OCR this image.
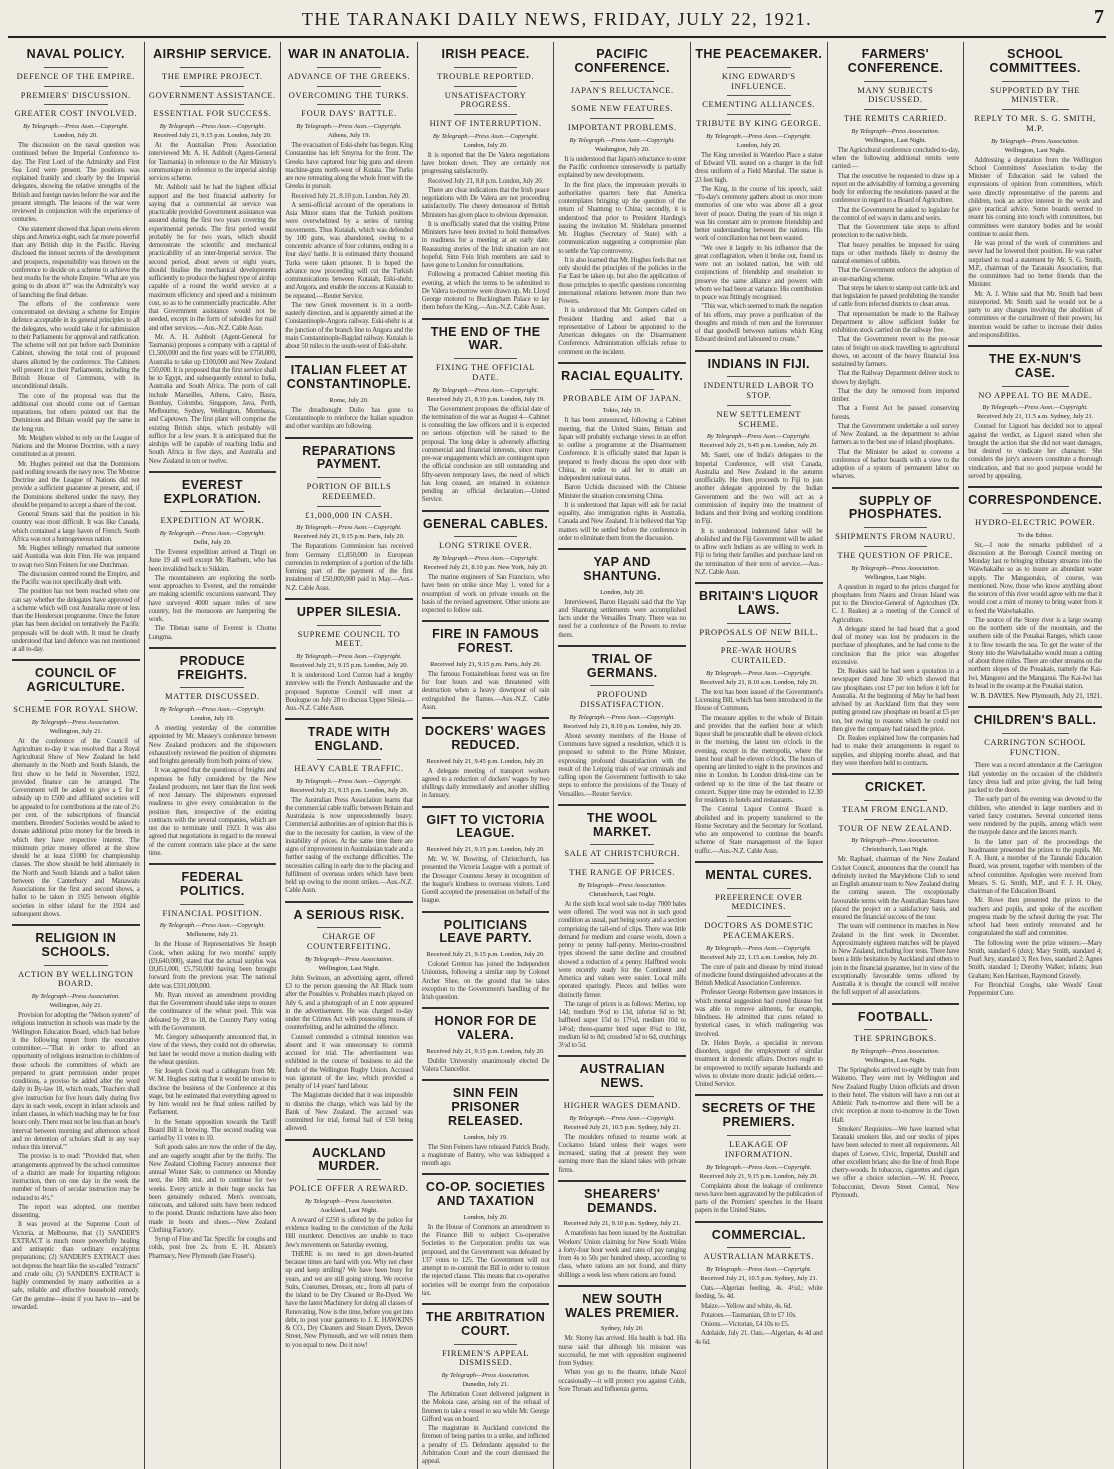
THE TARANAKI DAILY NEWS, FRIDAY, JULY 22, 1921.	7
NAVAL POLICY.
DEFENCE OF THE EMPIRE.
PREMIERS' DISCUSSION.
GREATER COST INVOLVED.
By Telegraph.—Press Assn.—Copyright.
London, July 20.

The discussion on the naval question was continued before the Imperial Conference to-day. The First Lord of the Admiralty and First Sea Lord were present. The positions was explained frankly and clearly by the Imperial delegates, showing the relative strengths of the British and foreign navies before the war and the present strength. The lessons of the war were reviewed in conjunction with the experience of centuries.

One statement showed that Japan owns eleven ships and America eight, each far more powerful than any British ship in the Pacific. Having disclosed the inmost secrets of the development and prospects, responsibility was thrown on the conference to decide on a scheme to achieve the best results for the whole Empire. "What are you going to do about it?" was the Admiralty's way of launching the final debate.

The efforts of the conference were concentrated on devising a scheme for Empire defence acceptable in its general principles to all the delegates, who would take it for submission to their Parliaments for approval and ratification. The scheme will not put before each Dominion Cabinet, showing the total cost of proposed shares allotted by the conference. The Cabinets will present it to their Parliaments, including the British House of Commons, with its unconditional details.

The core of the proposal was that the additional cost should come out of German reparations, but others pointed out that the Dominions and Britain would pay the same in the long run.

Mr. Meighen wished to rely on the League of Nations and the Monroe Doctrine, with a navy constituted as at present.

Mr. Hughes pointed out that the Dominions paid nothing towards the navy now. The Monroe Doctrine and the League of Nations did not provide a sufficient guarantee at present, and, if the Dominions sheltered under the navy, they should be prepared to accept a share of the cost.

General Smuts said that the position in his country was most difficult. It was like Canada, which contained a large haven of French. South Africa was not a homogeneous nation.

Mr. Hughes tellingly remarked that someone said Australia was doin Finn. He was prepared to swap two Sinn Feiners for one Dutchman.

The discussion centred round the Empire, and the Pacific was not specifically dealt with.

The position has not been reached when one can say whether the delegates have approved of a scheme which will cost Australia more or less than the Henderson programme. Once the future plan has been decided on tentatively the Pacific proposals will be dealt with. It must be clearly understood that land defence was not mentioned at all to-day.

COUNCIL OF AGRICULTURE.
SCHEME FOR ROYAL SHOW.
By Telegraph—Press Association.
Wellington, July 21.

At the conference of the Council of Agriculture to-day it was resolved that a Royal Agricultural Show of New Zealand be held alternately in the North and South Islands, the first show to be held in November, 1922, provided finance can be arranged. The Government will be asked to give a £ for £ subsidy up to £500 and affiliated societies will be appealed to for contributions at the rate of 2½ per cent. of the subscriptions of financial members. Breeders' Societies would be asked to donate additional prize money for the breeds in which they have respective interest. The minimum prize money offered at the show should be at least £1000 for championship classes. The show should be held alternately in the North and South Islands and a ballot taken between the Canterbury and Manawatu Associations for the first and second shows, a ballot to be taken in 1925 between eligible societies in either island for the 1924 and subsequent shows.

RELIGION IN SCHOOLS.
ACTION BY WELLINGTON BOARD.
By Telegraph—Press Association.
Wellington, July 21.

Provision for adopting the "Nelson system" of religious instruction in schools was made by the Wellington Education Board, which had before it the following report from the executive committee:—"That in order to afford an opportunity of religious instruction to children of those schools the committees of which are prepared to grant permission under proper conditions, a proviso be added after the word daily in By-law 18, which reads, 'Teachers shall give instruction for five hours daily during five days in each week, except in infant schools and infant classes, in which teaching may be for four hours only. There must not be less than an hour's interval between morning and afternoon school and no detention of scholars shall in any way reduce this interval.'"

The proviso is to read: "Provided that, when arrangements approved by the school committee of a district are made for imparting religious instruction, then on one day in the week the number of hours of secular instruction may be reduced to 4½."

The report was adopted, one member dissenting.

It was proved at the Supreme Court of Victoria, at Melbourne, that (1) SANDER'S EXTRACT is much more powerfully healing and antiseptic than ordinary eucalyptus preparations; (2) SANDER'S EXTRACT does not depress the heart like the so-called "extracts" and crude oils; (3) SANDER'S EXTRACT is highly commended by many authorities as a safe, reliable and effective household remedy. Get the genuine—insist if you have to—and be rewarded.

AIRSHIP SERVICE.
THE EMPIRE PROJECT.
GOVERNMENT ASSISTANCE.
ESSENTIAL FOR SUCCESS.
By Telegraph.—Press Assn.—Copyright.
Received July 21, 9.15 p.m. London, July 20.

At the Australian Press Association interviewed Mr. A. H. Ashbolt (Agent-General for Tasmania) in reference to the Air Ministry's communique in reference to the imperial airship services scheme.

Mr. Ashbolt said he had the highest official support and the best financial authority for saying that a commercial air service was practicable provided Government assistance was assured during the first two years covering the experimental periods. The first period would probably be for two years, which should demonstrate the scientific and mechanical practicability of an inter-Imperial service. The second period, about seven or eight years, should finalise the mechanical developments sufficiently to produce the highest type of airship capable of a round the world service at a maximum efficiency and speed and a minimum cost, so as to be commercially practicable. After that Government assistance would not be needed, except in the form of subsidies for mail and other services.—Aus.-N.Z. Cable Assn.

Mr. A. H. Ashbolt (Agent-General for Tasmania) proposes a company with a capital of £1,500,000 and the first years will be £750,000, Australia to take up £100,000 and New Zealand £50,000. It is proposed that the first service shall be to Egypt, and subsequently extend to India, Australia and South Africa. The ports of call include Marseilles, Athens, Cairo, Basra, Bombay, Colombo, Singapore, Java, Perth, Melbourne, Sydney, Wellington, Mombassa, and Capetown. The first plant will comprise the existing British ships, which probably will suffice for a few years. It is anticipated that the airships will be capable of reaching India and South Africa in five days, and Australia and New Zealand in ten or twelve.

EVEREST EXPLORATION.
EXPEDITION AT WORK.
By Telegraph.—Press Assn.—Copyright.
Delhi, July 20.

The Everest expedition arrived at Tingri on June 19 all well except Mr. Raeburn, who has been invalided back to Sikkim.

The mountaineers are exploring the north-west approaches to Everest, and the remainder are making scientific excursions eastward. They have surveyed 4000 square miles of new country, but the monsoons are hampering the work.

The Tibetan name of Everest is Chomo Lungma.

PRODUCE FREIGHTS.
MATTER DISCUSSED.
By Telegraph.—Press Assn.—Copyright.
London, July 19.

A meeting yesterday of the committee appointed by Mr. Massey's conference between New Zealand producers and the shipowners exhaustively reviewed the position of shipments and freights generally from both points of view.

It was agreed that the questions of freights and expenses be fully considered by the New Zealand producers, not later than the first week of next January. The shipowners expressed readiness to give every consideration to the position then, irrespective of the existing contracts with the several companies, which are not due to terminate until 1923. It was also agreed that negotiations in regard to the renewal of the current contracts take place at the same time.

FEDERAL POLITICS.
FINANCIAL POSITION.
By Telegraph.—Press Assn.—Copyright.
Melbourne, July 21.

In the House of Representatives Sir Joseph Cook, when asking for two months' supply (£9,640,000), stated that the actual surplus was £8,851,000, £5,750,000 having been brought forward from the previous year. The national debt was £331,000,000.

Mr. Ryan moved an amendment providing that the Government should take steps to ensure the continuance of the wheat pool. This was defeated by 29 to 18, the Country Party voting with the Government.

Mr. Gregory subsequently announced that, in view of the views, they could not do otherwise, but later he would move a motion dealing with the wheat question.

Sir Joseph Cook read a cablegram from Mr. W. M. Hughes stating that it would be unwise to disclose the business of the Conference at this stage, but he estimated that everything agreed to by him would not be final unless ratified by Parliament.

In the Senate opposition towards the Tariff Board Bill is brewing. The second reading was carried by 11 votes to 10.

Soft goods sales are now the order of the day, and are eagerly sought after by the thrifty. The New Zealand Clothing Factory announce their annual Winter Sale, to commence on Monday next, the 18th inst. and to continue for two weeks. Every article in their huge stocks has been genuinely reduced. Men's overcoats, raincoats, and tailored suits have been reduced to the pound. Drastic reductions have also been made in boots and shoes.—New Zealand Clothing Factory.

Syrup of Fine and Tar. Specific for coughs and colds, post free 2s. from E. H. Abram's Pharmacy, New Plymouth (late Fraser's).

WAR IN ANATOLIA.
ADVANCE OF THE GREEKS.
OVERCOMING THE TURKS.
FOUR DAYS' BATTLE.
By Telegraph.—Press Assn.—Copyright.
Athens, July 19.

The evacuation of Eski-shehr has begun. King Constantine has left Smyrna for the front. The Greeks have captured four big guns and eleven machine-guns north-west of Kutaia. The Turks are now retreating along the whole front with the Greeks in pursuit.

Received July 21, 8.10 p.m. London, July 20.

A semi-official account of the operations in Asia Minor states that the Turkish positions were overwhelmed by a series of turning movements. Thus Kutaiah, which was defended by 100 guns, was abandoned, owing to a concentric advance of four columns, ending in a four days' battle. It is estimated thirty thousand Turks were taken prisoner. It is hoped the advance now proceeding will cut the Turkish communications between Kutaiah, Eski-shehr, and Angora, and enable the success at Kutaiah to be repeated.—Reuter Service.

The new Greek movement is in a north-easterly direction, and is apparently aimed at the Constantinople-Angora railway. Eski-shehr is at the junction of the branch line to Angora and the main Constantinople-Bagdad railway. Kutaiah is about 50 miles to the south-west of Eski-shehr.

ITALIAN FLEET AT CONSTANTINOPLE.
Rome, July 20.

The dreadnought Dulio has gone to Constantinople to reinforce the Italian squadron and other warships are following.

REPARATIONS PAYMENT.
PORTION OF BILLS REDEEMED.
£1,000,000 IN CASH.
By Telegraph.—Press Assn.—Copyright.
Received July 21, 9.15 p.m. Paris, July 20.

The Reparations Commission has received from Germany £1,850,000 in European currencies in redemption of a portion of the bills forming part of the payment of the first instalment of £50,000,000 paid in May.—Aus.-N.Z. Cable Assn.

UPPER SILESIA.
SUPREME COUNCIL TO MEET.
By Telegraph.—Press Assn.—Copyright.
Received July 21, 9.15 p.m. London, July 20.

It is understood Lord Curzon had a lengthy interview with the French Ambassador and the proposed Supreme Council will meet at Boulogne on July 28 to discuss Upper Silesia.—Aus.-N.Z. Cable Assn.

TRADE WITH ENGLAND.
HEAVY CABLE TRAFFIC.
By Telegraph.—Press Assn.—Copyright.
Received July 21, 9.15 p.m. London, July 20.

The Australian Press Association learns that the commercial cable traffic between Britain and Australasia is now unprecedentedly heavy. Commercial authorities are of opinion that this is due to the necessity for caution, in view of the instability of prices. At the same time there are signs of improvement in Australasian trade and a further easing of the exchange difficulties. The necessities calling in early due to the placing and fulfilment of overseas orders which have been held up owing to the recent strikes.—Aus.-N.Z. Cable Assn.

A SERIOUS RISK.
CHARGE OF COUNTERFEITING.
By Telegraph—Press Association.
Wellington, Last Night.

John Swinson, an advertising agent, offered £3 to the person guessing the All Black team after the Possibles v. Probables match played on July 6, and a photograph of an £ note appeared in the advertisement. He was charged to-day under the Crimes Act with possessing means of counterfeiting, and he admitted the offence.

Counsel contended a criminal intention was absent and it was unnecessary to commit accused for trial. The advertisement was exhibited in the course of business to aid the funds of the Wellington Rugby Union. Accused was ignorant of the law, which provided a penalty of 14 years' hard labour.

The Magistrate decided that it was impossible to dismiss the charge, which was laid by the Bank of New Zealand. The accused was committed for trial, formal bail of £50 being allowed.

AUCKLAND MURDER.
POLICE OFFER A REWARD.
By Telegraph—Press Association.
Auckland, Last Night.

A reward of £250 is offered by the police for evidence leading to the conviction of the Ariki Hill murderer. Detectives are unable to trace Jew's movements on Saturday evening.

THERE is no need to get down-hearted because times are hard with you. Why not cheer up and keep smiling? We have been busy for years, and we are still going strong. We receive Suits, Costumes, Dresses, etc., from all parts of the island to be Dry Cleaned or Re-Dyed. We have the latest Machinery for doing all classes of Renovating. Now is the time, before you get into debt, to post your garments to J. E. HAWKINS & CO., Dry Cleaners and Steam Dyers, Devon Street, New Plymouth, and we will return them to you equal to new. Do it now!

IRISH PEACE.
TROUBLE REPORTED.
UNSATISFACTORY PROGRESS.
HINT OF INTERRUPTION.
By Telegraph.—Press Assn.—Copyright.
London, July 20.

It is reported that the De Valera negotiations have broken down. They are certainly not progressing satisfactorily.

Received July 21, 8.8 p.m. London, July 20.

There are clear indications that the Irish peace negotiations with De Valera are not proceeding satisfactorily. The cheery demeanour of British Ministers has given place to obvious depression.

It is unofficially stated that the visiting Prime Ministers have been invited to hold themselves in readiness for a meeting at an early date. Reassuring stories of the Irish situation are not hopeful. Sinn Fein Irish members are said to have gone to London for consultations.

Following a protracted Cabinet meeting this evening, at which the terms to be submitted to De Valera to-morrow were drawn up, Mr. Lloyd George motored to Buckingham Palace to lay them before the King.—Aus.-N.Z. Cable Assn.

THE END OF THE WAR.
FIXING THE OFFICIAL DATE.
By Telegraph.—Press Assn.—Copyright.
Received July 21, 8.10 p.m. London, July 19.

The Government proposes the official date of the termination of the war as August 4—Cabinet is consulting the law officers and it is expected no serious objection will be raised to the proposal. The long delay is adversely affecting commercial and financial interests, since many pre-war engagements which are contingent upon the official conclusion are still outstanding and fifty-seven temporary laws, the need of which has long ceased, are retained in existence pending an official declaration.—United Service.

GENERAL CABLES.
LONG STRIKE OVER.
By Telegraph.—Press Assn.—Copyright.
Received July 21, 8.10 p.m. New York, July 20.

The marine engineers of San Francisco, who have been on strike since May 1, voted for a resumption of work on private vessels on the basis of the revised agreement. Other unions are expected to follow suit.

FIRE IN FAMOUS FOREST.
Received July 21, 9.15 p.m. Paris, July 20.

The famous Fontainebleau forest was on fire for four hours and was threatened with destruction when a heavy downpour of rain extinguished the flames.—Aus.-N.Z. Cable Assn.

DOCKERS' WAGES REDUCED.
Received July 21, 9.45 p.m. London, July 20.

A delegate meeting of transport workers agreed to a reduction of dockers' wages by two shillings daily immediately and another shilling in January.

GIFT TO VICTORIA LEAGUE.
Received July 21, 9.15 p.m. London, July 20.

Mr. W. W. Bowring, of Christchurch, has presented the Victoria League with a portrait of the Dowager Countess Jersey in recognition of the league's kindness to overseas visitors. Lord Gorell accepted the presentation on behalf of the league.

POLITICIANS LEAVE PARTY.
Received July 21, 9.15 p.m. London, July 20.

Colonel Gretton has joined the Independent Unionists, following a similar step by Colonel Archer Shee, on the ground that he takes exception to the Government's handling of the Irish question.

HONOR FOR DE VALERA.
Received July 21, 9.15 p.m. London, July 20.

Dublin University unanimously elected De Valera Chancellor.

SINN FEIN PRISONER RELEASED.
London, July 19.

The Sinn Feiners have released Patrick Brady, a magistrate of Bantry, who was kidnapped a month ago.

CO-OP. SOCIETIES AND TAXATION
London, July 20.

In the House of Commons an amendment to the Finance Bill to subject Co-operative Societies to the Corporation profits tax was proposed, and the Government was defeated by 137 votes to 125. The Government will not attempt to re-commit the Bill in order to restore the rejected clause. This means that co-operative societies will be exempt from the corporation tax.

THE ARBITRATION COURT.
FIREMEN'S APPEAL DISMISSED.
By Telegraph—Press Association.
Dunedin, July 21.

The Arbitration Court delivered judgment in the Mokoia case, arising out of the refusal of firemen to take a vessel to sea while Mr. George Gifford was on board.

The magistrate in Auckland convicted the firemen of being parties to a strike, and inflicted a penalty of £5. Defendants appealed to the Arbitration Court and the court dismissed the appeal.

PACIFIC CONFERENCE.
JAPAN'S RELUCTANCE.
SOME NEW FEATURES.
IMPORTANT PROBLEMS.
By Telegraph.—Press Assn.—Copyright.
Washington, July 20.

It is understood that Japan's reluctance to enter the Pacific conference unreservedly is partially explained by new developments.

In the first place, the impression prevails in authoritative quarters here that America contemplates bringing up the question of the return of Shantung to China; secondly, it is understood that prior to President Harding's issuing the invitation M. Shidehara presented Mr. Hughes (Secretary of State) with a communication suggesting a compromise plan to settle the Yap controversy.

It is also learned that Mr. Hughes feels that not only should the principles of the policies in the Far East be taken up, but also the application of those principles to specific questions concerning international relations between more than two Powers.

It is understood that Mr. Gompers called on President Harding and asked that a representative of Labour be appointed to the American delegates on the Disarmament Conference. Administration officials refuse to comment on the incident.

RACIAL EQUALITY.
PROBABLE AIM OF JAPAN.
Tokio, July 19.

It has been announced, following a Cabinet meeting, that the United States, Britain and Japan will probably exchange views in an effort to outline a programme at the Disarmament Conference. It is officially stated that Japan is prepared to freely discuss the open door with China, in order to aid her to attain an independent national status.

Baron Uchida discussed with the Chinese Minister the situation concerning China.

It is understood that Japan will ask for racial equality, also immigration rights in Australia, Canada and New Zealand. It is believed that Yap matters will be settled before the conference in order to eliminate them from the discussion.

YAP AND SHANTUNG.
London, July 20.

Interviewed, Baron Hayashi said that the Yap and Shantung settlements were accomplished facts under the Versailles Treaty. There was no need for a conference of the Powers to revise them.

TRIAL OF GERMANS.
PROFOUND DISSATISFACTION.
By Telegraph.—Press Assn.—Copyright.
Received July 21, 8.10 p.m. London, July 20.

About seventy members of the House of Commons have signed a resolution, which it is proposed to submit to the Prime Minister, expressing profound dissatisfaction with the result of the Leipzig trials of war criminals and calling upon the Government forthwith to take steps to enforce the provisions of the Treaty of Versailles.—Reuter Service.

THE WOOL MARKET.
SALE AT CHRISTCHURCH.
THE RANGE OF PRICES.
By Telegraph—Press Association.
Christchurch, Last Night.

At the sixth local wool sale to-day 7000 bales were offered. The wool was not in such good condition as usual, part being sooty and a section comprising the tail-end of clips. There was little demand for medium and coarse wools, down a penny to penny half-penny. Merino-crossbred types showed the same decline and crossbred showed a reduction of a penny. Halfbred wools were recently ready for the Continent and America and values were easier. Local mills operated sparingly. Pieces and bellies were distinctly firmer.

The range of prices is as follows: Merino, top 14d; medium 9½d to 13d, inferior 6d to 9d; halfbred super 15d to 17½d, medium 10d to 14½d; three-quarter bred super 8¾d to 10d, medium 6d to 8d; crossbred 5d to 6d, crutchings 3½d to 5d.

AUSTRALIAN NEWS.
HIGHER WAGES DEMAND.
By Telegraph.—Press Assn.—Copyright.
Received July 21, 10.5 p.m. Sydney, July 21.

The moulders refused to resume work at Cockatoo Island unless their wages were increased, stating that at present they were earning more than the island takes with private firms.

SHEARERS' DEMANDS.
Received July 21, 9.10 p.m. Sydney, July 21.

A manifesto has been issued by the Australian Workers' Union claiming for New South Wales a forty-four hour week and rates of pay ranging from 4s to 50s per hundred sheep, according to class, where rations are not found, and thirty shillings a week less where rations are found.

NEW SOUTH WALES PREMIER.
Sydney, July 20.

Mr. Storey has arrived. His health is bad. His nurse said that although his mission was successful, he met with opposition engineered from Sydney.

When you go to the theatre, inhale Nazol occasionally—it will protect you against Colds, Sore Throats and Influenza germs.

THE PEACEMAKER.
KING EDWARD'S INFLUENCE.
CEMENTING ALLIANCES.
TRIBUTE BY KING GEORGE.
By Telegraph.—Press Assn.—Copyright.
London, July 20.

The King unveiled in Waterloo Place a statue of Edward VII. seated on a charger in the full dress uniform of a Field Marshal. The statue is 23 feet high.

The King, in the course of his speech, said: "To-day's ceremony gathers about us once more memories of one who was above all a great lover of peace. During the years of his reign it was his constant aim to promote friendship and better understanding between the nations. His work of conciliation has not been wasted.

"We owe it largely to his influence that the great conflagration, when it broke out, found us were not an isolated nation, but with old conjunctions of friendship and resolution to preserve the same alliance and powers with whom we had been at variance. His contribution to peace was fittingly recognised.

"This war, which seemed to mark the negation of his efforts, may prove a purification of the thoughts and minds of men and the forerunner of that goodwill between nations which King Edward desired and laboured to create."

INDIANS IN FIJI.
INDENTURED LABOR TO STOP.
NEW SETTLEMENT SCHEME.
By Telegraph—Press Assn.—Copyright.
Received July 21, 9.45 p.m. London, July 20.

Mr. Sastri, one of India's delegates to the Imperial Conference, will visit Canada, Australia and New Zealand in the autumn unofficially. He then proceeds to Fiji to join another delegate appointed by the Indian Government and the two will act as a commission of inquiry into the treatment of Indians and their living and working conditions in Fiji.

It is understood indentured labor will be abolished and the Fiji Government will be asked to allow such Indians as are willing to work in Fiji to bring their families and purchase land on the termination of their term of service.—Aus.-N.Z. Cable Assn.

BRITAIN'S LIQUOR LAWS.
PROPOSALS OF NEW BILL.
PRE-WAR HOURS CURTAILED.
By Telegraph.—Press Assn.—Copyright.
Received July 21, 8.10 a.m. London, July 20.

The text has been issued of the Government's Licensing Bill, which has been introduced in the House of Commons.

The measure applies to the whole of Britain and provides that the earliest hour at which liquor shall be procurable shall be eleven o'clock in the morning, the latest ten o'clock in the evening, except in the metropolis, where the latest hour shall be eleven o'clock. The hours of opening are limited to eight in the provinces and nine in London. In London drink-time can be ordered up to the time of the last theatre or concert. Supper time may be extended to 12.30 for residents in hotels and restaurants.

The Central Liquor Control Board is abolished and its property transferred to the Home Secretary and the Secretary for Scotland, who are empowered to continue the board's scheme of State management of the liquor traffic.—Aus.-N.Z. Cable Assn.

MENTAL CURES.
PREFERENCE OVER MEDICINES.
DOCTORS AS DOMESTIC PEACEMAKERS.
By Telegraph.—Press Assn.—Copyright.
Received July 22, 1.15 a.m. London, July 20.

The cure of pain and disease by mind instead of medicine found distinguished advocates at the British Medical Association Conference.

Professor George Robertson gave instances in which mental suggestion had cured disease but was able to remove ailments, for example, blindness. He admitted that cures related to hysterical cases, in which malingering was involved.

Dr. Helen Boyle, a specialist in nervous disorders, urged the employment of similar treatment in domestic affairs. Doctors ought to be empowered to rectify separate husbands and wives to obviate more drastic judicial orders.—United Service.

SECRETS OF THE PREMIERS.
LEAKAGE OF INFORMATION.
By Telegraph.—Press Assn.—Copyright.
Received July 21, 9.15 p.m. London, July 20.

Complaints about the leakage of conference news have been aggravated by the publication of parts of the Premiers' speeches in the Hearst papers in the United States.

COMMERCIAL.
AUSTRALIAN MARKETS.
By Telegraph.—Press Assn.—Copyright.
Received July 21, 10.5 p.m. Sydney, July 21.

Oats.—Algerian feeding, 4s. 4½d.; white feeding, 5s. 4d.

Maize.—Yellow and white, 4s. 6d.

Potatoes.—Tasmanian, £8 to £7 10s.

Onions.—Victorian, £4 10s to £5.

Adelaide, July 21. Oats.—Algerian, 4s 4d and 4s 6d.

FARMERS' CONFERENCE.
MANY SUBJECTS DISCUSSED.
THE REMITS CARRIED.
By Telegraph—Press Association.
Wellington, Last Night.

The Agricultural conference concluded to-day, when the following additional remits were carried:—

That the executive be requested to draw up a report on the advisability of forming a governing body for enforcing the resolutions passed at the conference in regard to a Board of Agriculture.

That the Government be asked to legislate for the control of eel ways in dams and weirs.

That the Government take steps to afford protection to the native birds.

That heavy penalties be imposed for using traps or other methods likely to destroy the natural enemies of rabbits.

That the Government enforce the adoption of an ear-marking scheme.

That steps be taken to stamp out cattle tick and that legislation be passed prohibiting the transfer of cattle from infected districts to clean areas.

That representation be made to the Railway Department to allow sufficient fodder for exhibition stock carried on the railway free.

That the Government revert to the pre-war rates of freight on stock travelling to agricultural shows, on account of the heavy financial loss sustained by farmers.

That the Railway Department deliver stock to shows by daylight.

That the duty be removed from imported timber.

That a Forest Act be passed conserving forests.

That the Government undertake a soil survey of New Zealand, as the department to advise farmers as to the best use of inland phosphates.

That the Minister be asked to convene a conference of harbor boards with a view to the adoption of a system of permanent labor on wharves.

SUPPLY OF PHOSPHATES.
SHIPMENTS FROM NAURU.
THE QUESTION OF PRICE.
By Telegraph—Press Association.
Wellington, Last Night.

A question in regard to the prices charged for phosphates from Nauru and Ocean Island was put to the Director-General of Agriculture (Dr. C. J. Reakes) at a meeting of the Council of Agriculture.

A delegate stated he had heard that a good deal of money was lost by producers in the purchase of phosphates, and he had come to the conclusion that the price was altogether excessive.

Dr. Reakes said he had seen a quotation in a newspaper dated June 30 which showed that raw phosphates cost £7 per ton before it left for Australia. At the beginning of May he had been advised by an Auckland firm that they were putting ground raw phosphate on board at £5 per ton, but owing to reasons which he could not then give the company had raised the price.

Dr. Reakes explained how the companies had had to make their arrangements in regard to supplies, and shipping months ahead, and that they were therefore held to contracts.

CRICKET.
TEAM FROM ENGLAND.
TOUR OF NEW ZEALAND.
By Telegraph—Press Association.
Christchurch, Last Night.

Mr. Raphael, chairman of the New Zealand Cricket Council, announces that the council has definitely invited the Marylebone Club to send an English amateur team to New Zealand during the coming season. The exceptionally favourable terms with the Australian States have placed the project on a satisfactory basis, and ensured the financial success of the tour.

The team will commence its matches in New Zealand in the first week in December. Approximately eighteen matches will be played in New Zealand, including four tests. There have been a little hesitation by Auckland and others to join in the financial guarantee, but in view of the exceptionally favourable terms offered by Australia it is thought the council will receive the full support of all associations.

FOOTBALL.
THE SPRINGBOKS.
By Telegraph—Press Association.
Wellington, Last Night.

The Springboks arrived to-night by train from Waitomo. They were met by Wellington and New Zealand Rugby Union officials and driven to their hotel. The visitors will have a run out at Athletic Park to-morrow and there will be a civic reception at noon to-morrow in the Town Hall.

Smokers' Requisites—We have learned what Taranaki smokers like, and our stocks of pipes have been selected to meet all requirements. All shapes of Loewe, Civic, Imperial, Dunhill and other excellent briars; also the line of fresh Rope cherry-woods. In tobaccos, cigarettes and cigars we offer a choice selection.—W. H. Preece, Tobacconist, Devon Street Central, New Plymouth.

SCHOOL COMMITTEES.
SUPPORTED BY THE MINISTER.
REPLY TO MR. S. G. SMITH, M.P.
By Telegraph—Press Association.
Wellington, Last Night.

Addressing a deputation from the Wellington School Committees' Association to-day the Minister of Education said he valued the expressions of opinion from committees, which were directly representative of the parents and children, took an active interest in the work and gave practical advice. Some boards seemed to resent his coming into touch with committees, but committees were statutory bodies and he would continue to assist them.

He was proud of the work of committees and never had he lowered their position. He was rather surprised to read a statement by Mr. S. G. Smith, M.P., chairman of the Taranaki Association, that the committees had no better friends than the Minister.

Mr. A. J. White said that Mr. Smith had been misreported. Mr. Smith said he would not be a party to any changes involving the abolition of committees or the curtailment of their powers; his intention would be rather to increase their duties and responsibilities.

THE EX-NUN'S CASE.
NO APPEAL TO BE MADE.
By Telegraph.—Press Assn.—Copyright.
Received July 21, 11.5 a.m. Sydney, July 21.

Counsel for Liguori has decided not to appeal against the verdict, as Liguori stated when she brought the action that she did not want damages, but desired to vindicate her character. She considers the jury's answers constitute a thorough vindication, and that no good purpose would be served by appealing.

CORRESPONDENCE.
HYDRO-ELECTRIC POWER.
To the Editor.

Sir,—I note the remarks published of a discussion at the Borough Council meeting on Monday last re bringing tributary streams into the Waiwhakaiho so as to insure an abundant water supply. The Mangaotuku, of course, was mentioned. Now, those who know anything about the sources of this river would agree with me that it would cost a mint of money to bring water from it to feed the Waiwhakaiho.

The source of the Stony river is a large swamp on the northern side of the mountain, and the southern side of the Pouakai Ranges, which cause it to flow towards the sea. To get the water of the Stony into the Waiwhakaiho would mean a cutting of about three miles. There are other streams on the northern slopes of the Pouakais, namely the Kai-Iwi, Mangorei and the Manganui. The Kai-Iwi has its head in the swamp at the Pouakai station.

W. B. DAVIES. New Plymouth, July 21, 1921.
CHILDREN'S BALL.
CARRINGTON SCHOOL FUNCTION.

There was a record attendance at the Carrington Hall yesterday on the occasion of the children's fancy dress ball and prize giving, the hall being packed to the doors.

The early part of the evening was devoted to the children, who attended in large numbers and in varied fancy costumes. Several concerted items were rendered by the pupils, among which were the maypole dance and the lancers march.

In the latter part of the proceedings the headmaster presented the prizes to the pupils. Mr. F. A. Hunt, a member of the Taranaki Education Board, was present, together with members of the school committee. Apologies were received from Messrs. S. G. Smith, M.P., and F. J. H. Okey, chairman of the Education Board.

Mr. Rowe then presented the prizes to the teachers and pupils, and spoke of the excellent progress made by the school during the year. The school had been entirely renovated and he congratulated the staff and committee.

The following were the prize winners:—Mary Smith, standard 6 (dux); Mary Smith, standard 4; Pearl Jury, standard 3; Rex Ives, standard 2; Agnes Smith, standard 1; Dorothy Walker, infants; Jean Graham; Ken Harrison, Raymond Gravely.

For Bronchial Coughs, take Woods' Great Peppermint Cure.
